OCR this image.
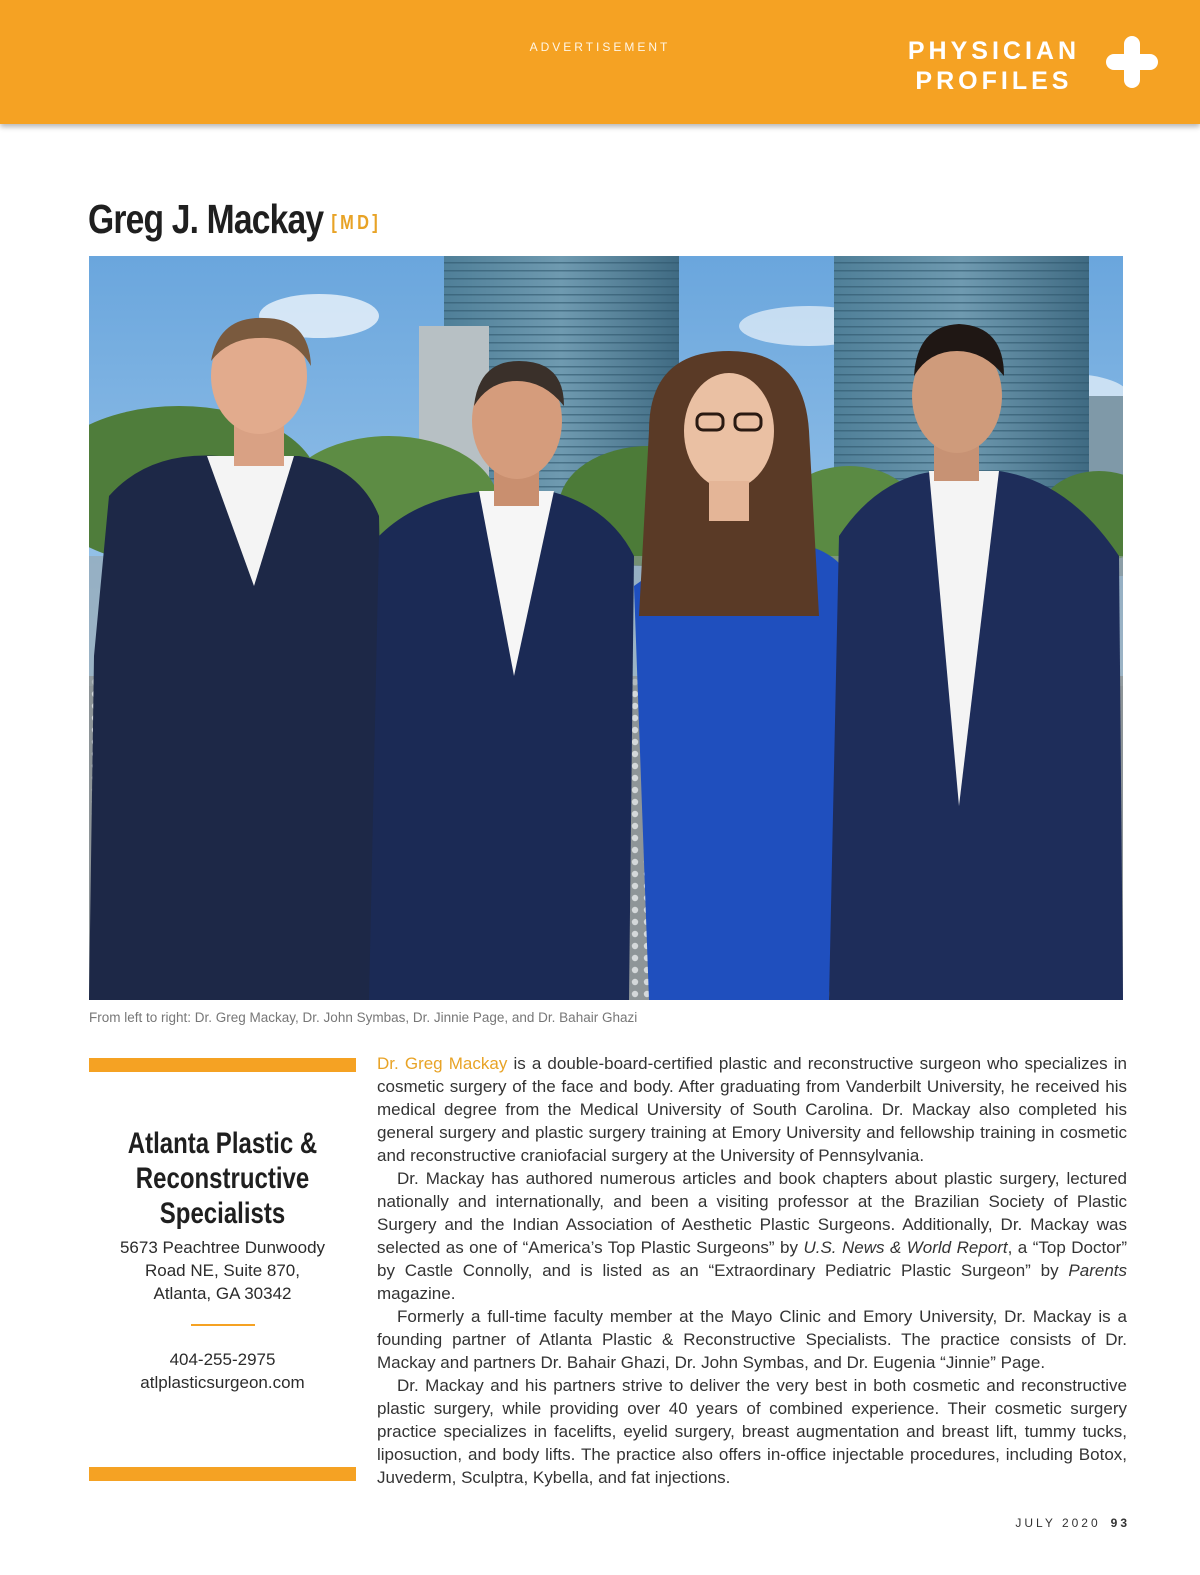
ADVERTISEMENT	PHYSICIAN
PROFILES
Greg J. Mackay [MD]
From left to right: Dr. Greg Mackay, Dr. John Symbas, Dr. Jinnie Page, and Dr. Bahair Ghazi
Atlanta Plastic &
Reconstructive
Specialists
5673 Peachtree Dunwoody
Road NE, Suite 870,
Atlanta, GA 30342
404-255-2975
atlplasticsurgeon.com

Dr. Greg Mackay is a double-board-certified plastic and reconstructive surgeon who specializes in cosmetic surgery of the face and body. After graduating from Vanderbilt University, he received his medical degree from the Medical University of South Carolina. Dr. Mackay also completed his general surgery and plastic surgery training at Emory University and fellowship training in cosmetic and reconstructive craniofacial surgery at the University of Pennsylvania.

Dr. Mackay has authored numerous articles and book chapters about plastic surgery, lectured nationally and internationally, and been a visiting professor at the Brazilian Society of Plastic Surgery and the Indian Association of Aesthetic Plastic Surgeons. Additionally, Dr. Mackay was selected as one of “America’s Top Plastic Surgeons” by U.S. News & World Report, a “Top Doctor” by Castle Connolly, and is listed as an “Extraordinary Pediatric Plastic Surgeon” by Parents magazine.

Formerly a full-time faculty member at the Mayo Clinic and Emory University, Dr. Mackay is a founding partner of Atlanta Plastic & Reconstructive Specialists. The practice consists of Dr. Mackay and partners Dr. Bahair Ghazi, Dr. John Symbas, and Dr. Eugenia “Jinnie” Page.

Dr. Mackay and his partners strive to deliver the very best in both cosmetic and reconstructive plastic surgery, while providing over 40 years of combined experience. Their cosmetic surgery practice specializes in facelifts, eyelid surgery, breast augmentation and breast lift, tummy tucks, liposuction, and body lifts. The practice also offers in-office injectable procedures, including Botox, Juvederm, Sculptra, Kybella, and fat injections.

JULY 2020 93
